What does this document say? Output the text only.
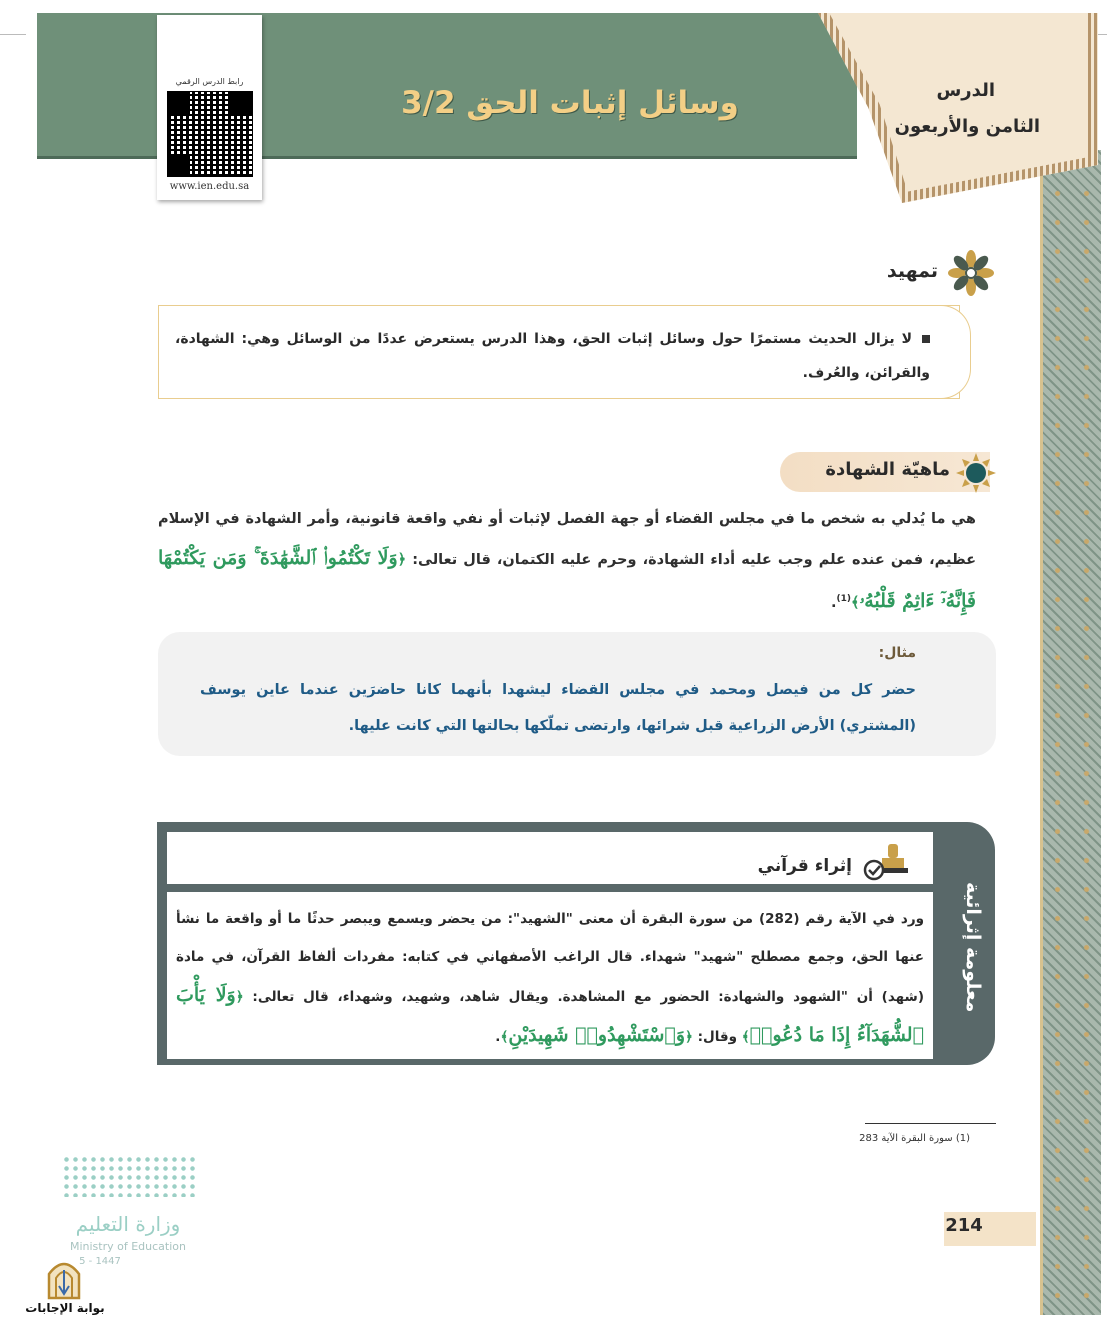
وسائل إثبات الحق 3/2	الدرس
الثامن والأربعون
رابط الدرس الرقمي
www.ien.edu.sa
تمهيد
لا يزال الحديث مستمرًا حول وسائل إثبات الحق، وهذا الدرس يستعرض عددًا من الوسائل وهي: الشهادة، والقرائن، والعُرف.
ماهيّة الشهادة
هي ما يُدلي به شخص ما في مجلس القضاء أو جهة الفصل لإثبات أو نفي واقعة قانونية، وأمر الشهادة في الإسلام عظيم، فمن عنده علم وجب عليه أداء الشهادة، وحرم عليه الكتمان، قال تعالى: ﴿وَلَا تَكْتُمُوا۟ ٱلشَّهَٰدَةَ ۚ وَمَن يَكْتُمْهَا فَإِنَّهُۥٓ ءَاثِمٌ قَلْبُهُۥ﴾$^{(1)}$.
مثال:
حضر كل من فيصل ومحمد في مجلس القضاء ليشهدا بأنهما كانا حاضرَين عندما عاين يوسف (المشتري) الأرض الزراعية قبل شرائها، وارتضى تملّكها بحالتها التي كانت عليها.
معلومة إثرائية
إثراء قرآني
ورد في الآية رقم (282) من سورة البقرة أن معنى "الشهيد": من يحضر ويسمع ويبصر حدثًا ما أو واقعة ما نشأ عنها الحق، وجمع مصطلح "شهيد" شهداء. قال الراغب الأصفهاني في كتابه: مفردات ألفاظ القرآن، في مادة (شهد) أن "الشهود والشهادة: الحضور مع المشاهدة. ويقال شاهد، وشهيد، وشهداء، قال تعالى: ﴿وَلَا يَأْبَ ٱلشُّهَدَآءُ إِذَا مَا دُعُوا۟﴾ وقال: ﴿وَٱسْتَشْهِدُوا۟ شَهِيدَيْنِ﴾.
(1) سورة البقرة الآية 283
214
وزارة التعليم
Ministry of Education
5 - 1447
بوابة الإجابات
